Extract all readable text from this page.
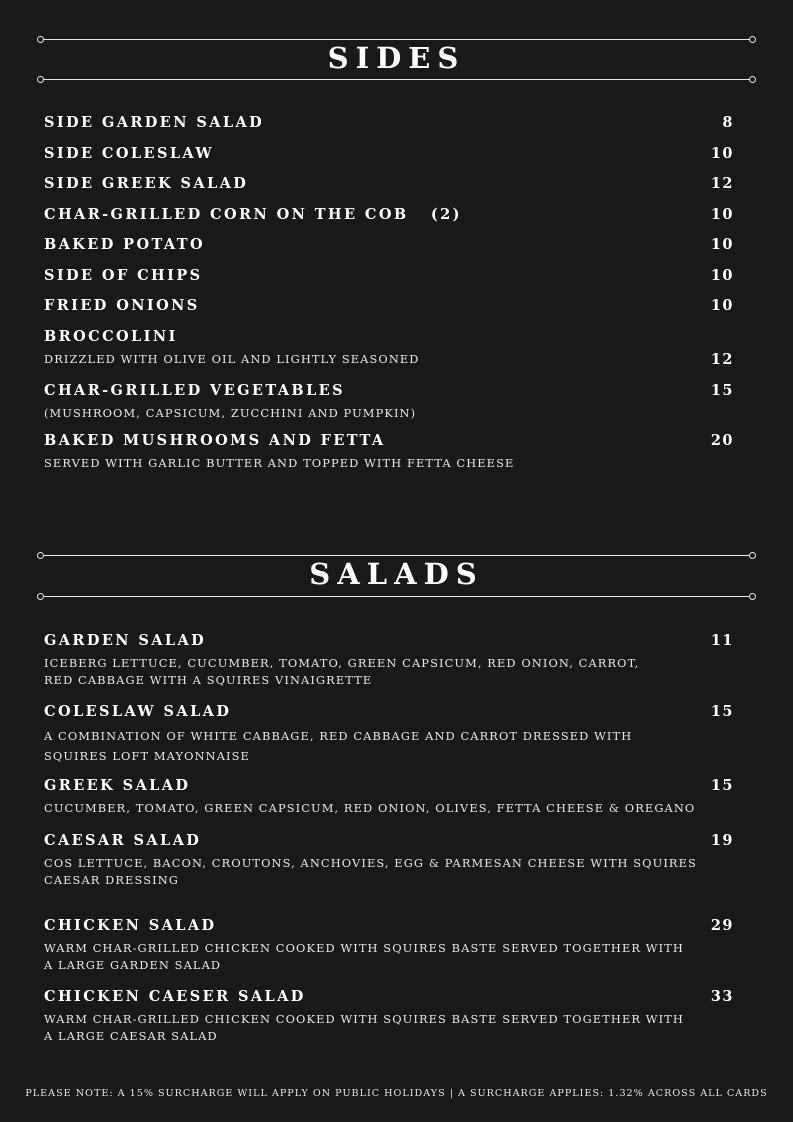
SIDES
8
SIDE GARDEN SALAD
10
SIDE COLESLAW
12
SIDE GREEK SALAD
10
CHAR-GRILLED CORN ON THE COB   (2)
10
BAKED POTATO
10
SIDE OF CHIPS
10
FRIED ONIONS
BROCCOLINI
DRIZZLED WITH OLIVE OIL AND LIGHTLY SEASONED	12
15
CHAR-GRILLED VEGETABLES
(MUSHROOM, CAPSICUM, ZUCCHINI AND PUMPKIN)
20
BAKED MUSHROOMS AND FETTA
SERVED WITH GARLIC BUTTER AND TOPPED WITH FETTA CHEESE
SALADS
11
GARDEN SALAD
ICEBERG LETTUCE, CUCUMBER, TOMATO, GREEN CAPSICUM, RED ONION, CARROT, RED CABBAGE WITH A SQUIRES VINAIGRETTE
15
COLESLAW SALAD
A COMBINATION OF WHITE CABBAGE, RED CABBAGE AND CARROT DRESSED WITH SQUIRES LOFT MAYONNAISE
15
GREEK SALAD
CUCUMBER, TOMATO, GREEN CAPSICUM, RED ONION, OLIVES, FETTA CHEESE & OREGANO
19
CAESAR SALAD
COS LETTUCE, BACON, CROUTONS, ANCHOVIES, EGG & PARMESAN CHEESE WITH SQUIRES CAESAR DRESSING
29
CHICKEN SALAD
WARM CHAR-GRILLED CHICKEN COOKED WITH SQUIRES BASTE SERVED TOGETHER WITH A LARGE GARDEN SALAD
33
CHICKEN CAESER SALAD
WARM CHAR-GRILLED CHICKEN COOKED WITH SQUIRES BASTE SERVED TOGETHER WITH A LARGE CAESAR SALAD
PLEASE NOTE: A 15% SURCHARGE WILL APPLY ON PUBLIC HOLIDAYS | A SURCHARGE APPLIES: 1.32% ACROSS ALL CARDS
